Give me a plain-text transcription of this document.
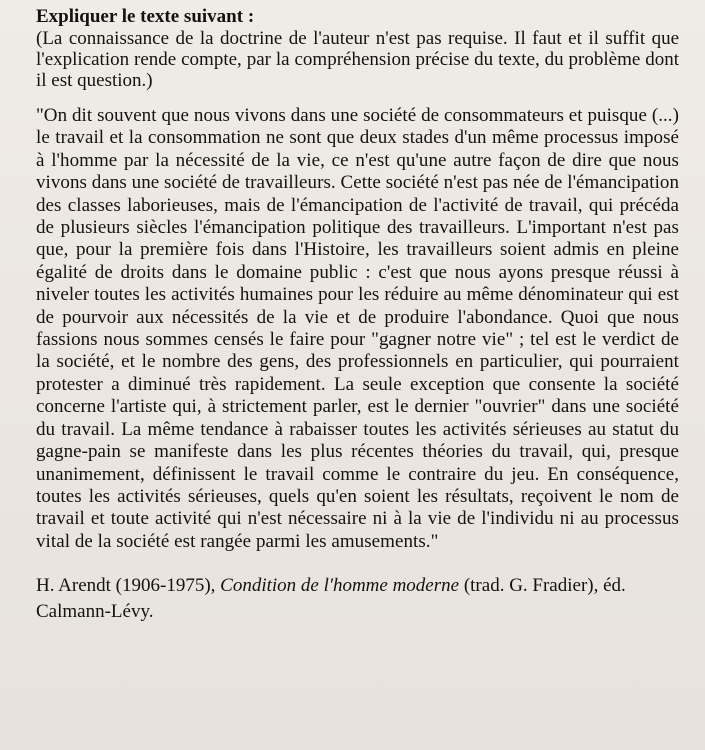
Expliquer le texte suivant :

(La connaissance de la doctrine de l'auteur n'est pas requise. Il faut et il suffit que l'explication rende compte, par la compréhension précise du texte, du problème dont il est question.)

"On dit souvent que nous vivons dans une société de consommateurs et puisque (...) le travail et la consommation ne sont que deux stades d'un même processus imposé à l'homme par la nécessité de la vie, ce n'est qu'une autre façon de dire que nous vivons dans une société de travailleurs. Cette société n'est pas née de l'émancipation des classes laborieuses, mais de l'émancipation de l'activité de travail, qui précéda de plusieurs siècles l'émancipation politique des travailleurs. L'important n'est pas que, pour la première fois dans l'Histoire, les travailleurs soient admis en pleine égalité de droits dans le domaine public : c'est que nous ayons presque réussi à niveler toutes les activités humaines pour les réduire au même dénominateur qui est de pourvoir aux nécessités de la vie et de produire l'abondance. Quoi que nous fassions nous sommes censés le faire pour "gagner notre vie" ; tel est le verdict de la société, et le nombre des gens, des professionnels en particulier, qui pourraient protester a diminué très rapidement. La seule exception que consente la société concerne l'artiste qui, à strictement parler, est le dernier "ouvrier" dans une société du travail. La même tendance à rabaisser toutes les activités sérieuses au statut du gagne-pain se manifeste dans les plus récentes théories du travail, qui, presque unanimement, définissent le travail comme le contraire du jeu. En conséquence, toutes les activités sérieuses, quels qu'en soient les résultats, reçoivent le nom de travail et toute activité qui n'est nécessaire ni à la vie de l'individu ni au processus vital de la société est rangée parmi les amusements."

H. Arendt (1906-1975), Condition de l'homme moderne (trad. G. Fradier), éd. Calmann-Lévy.
